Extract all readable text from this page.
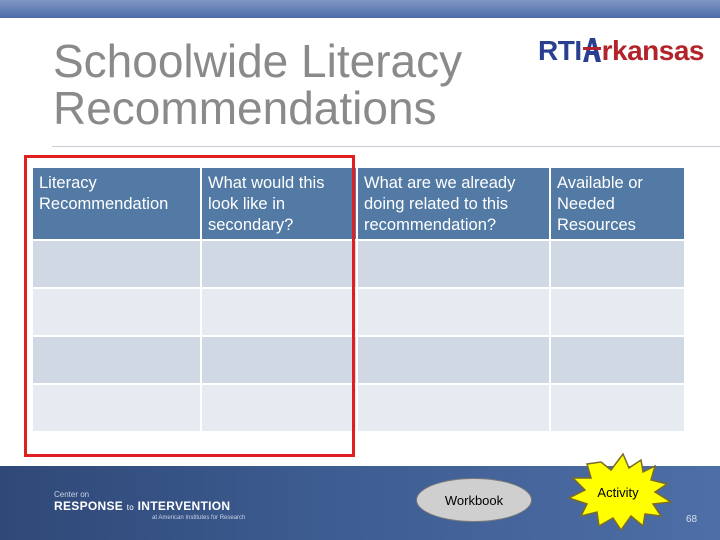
Schoolwide Literacy
Recommendations
RTI rkansas
Literacy Recommendation	What would this look like in secondary?	What are we already doing related to this recommendation?	Available or Needed Resources

Center on
RESPONSE to INTERVENTION
at American Institutes for Research
Workbook	Activity
68
